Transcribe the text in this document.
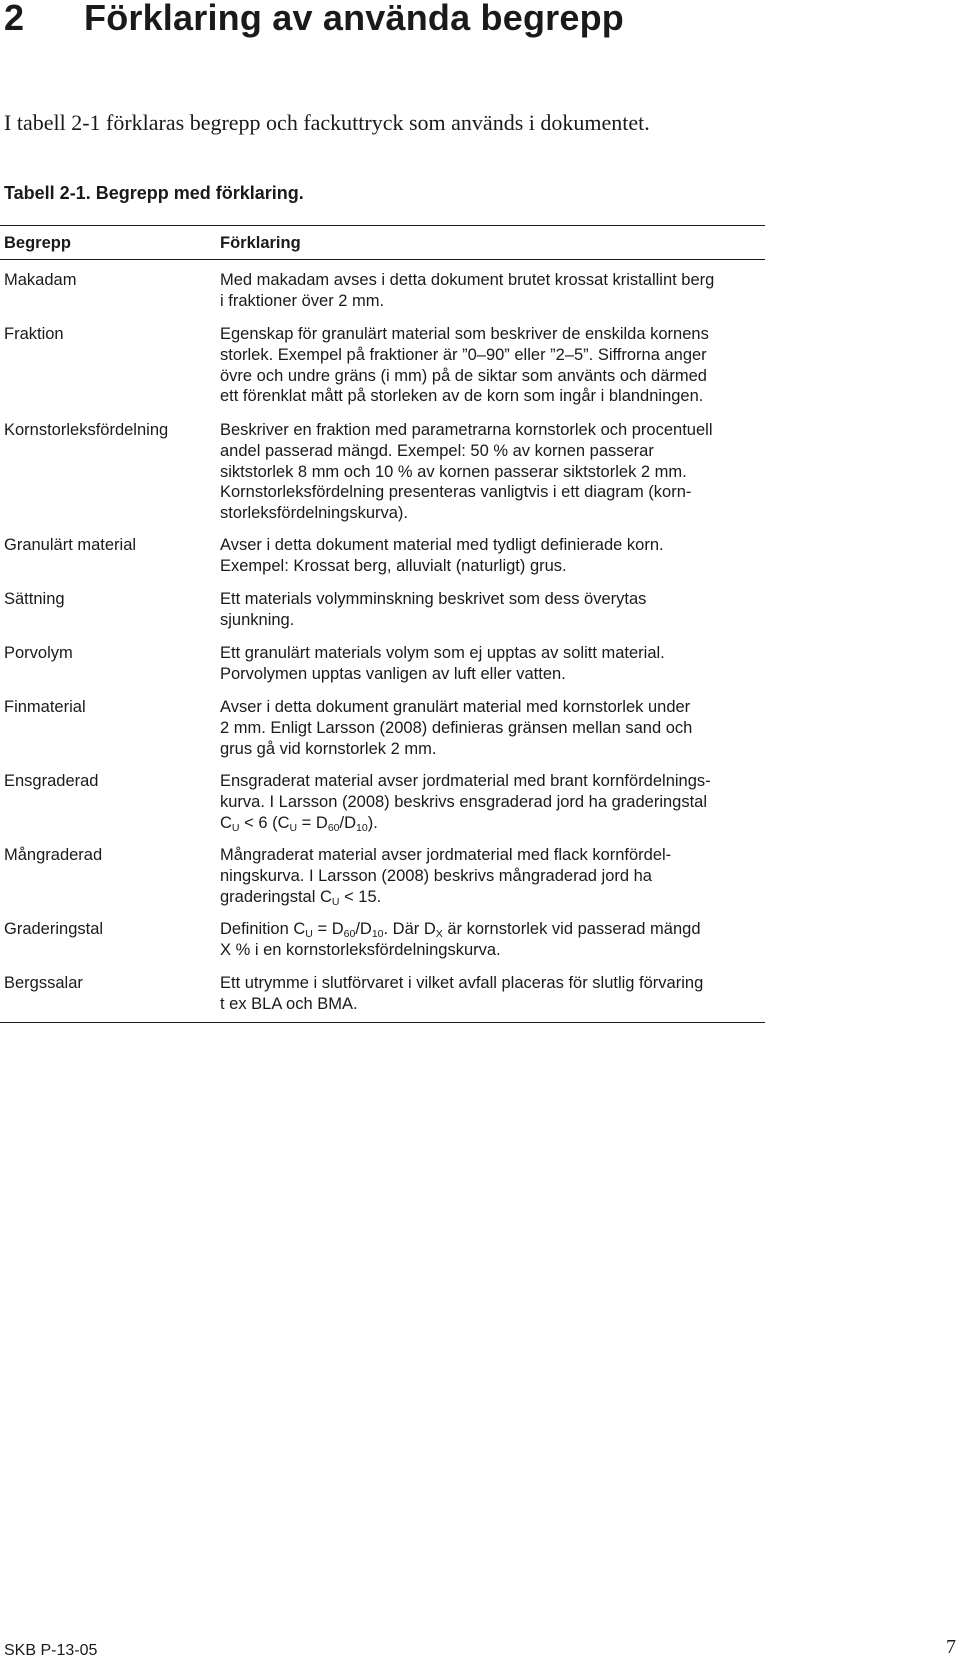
2 Förklaring av använda begrepp
I tabell 2-1 förklaras begrepp och fackuttryck som används i dokumentet.
Tabell 2-1. Begrepp med förklaring.
Begrepp	Förklaring
Makadam	Med makadam avses i detta dokument brutet krossat kristallint berg
i fraktioner över 2 mm.
Fraktion	Egenskap för granulärt material som beskriver de enskilda kornens
storlek. Exempel på fraktioner är ”0–90” eller ”2–5”. Siffrorna anger
övre och undre gräns (i mm) på de siktar som använts och därmed
ett förenklat mått på storleken av de korn som ingår i blandningen.
Kornstorleksfördelning	Beskriver en fraktion med parametrarna kornstorlek och procentuell
andel passerad mängd. Exempel: 50 % av kornen passerar
siktstorlek 8 mm och 10 % av kornen passerar siktstorlek 2 mm.
Kornstorleksfördelning presenteras vanligtvis i ett diagram (korn-
storleksfördelningskurva).
Granulärt material	Avser i detta dokument material med tydligt definierade korn.
Exempel: Krossat berg, alluvialt (naturligt) grus.
Sättning	Ett materials volymminskning beskrivet som dess överytas
sjunkning.
Porvolym	Ett granulärt materials volym som ej upptas av solitt material.
Porvolymen upptas vanligen av luft eller vatten.
Finmaterial	Avser i detta dokument granulärt material med kornstorlek under
2 mm. Enligt Larsson (2008) definieras gränsen mellan sand och
grus gå vid kornstorlek 2 mm.
Ensgraderad	Ensgraderat material avser jordmaterial med brant kornfördelnings-
kurva. I Larsson (2008) beskrivs ensgraderad jord ha graderingstal
$C_U < 6$ $(C_U = D_{60}/D_{10})$.
Mångraderad	Mångraderat material avser jordmaterial med flack kornfördel-
ningskurva. I Larsson (2008) beskrivs mångraderad jord ha
graderingstal $C_U < 15$.
Graderingstal	Definition $C_U = D_{60}/D_{10}$. Där $D_X$ är kornstorlek vid passerad mängd
X % i en kornstorleksfördelningskurva.
Bergssalar	Ett utrymme i slutförvaret i vilket avfall placeras för slutlig förvaring
t ex BLA och BMA.
SKB P-13-05	7
